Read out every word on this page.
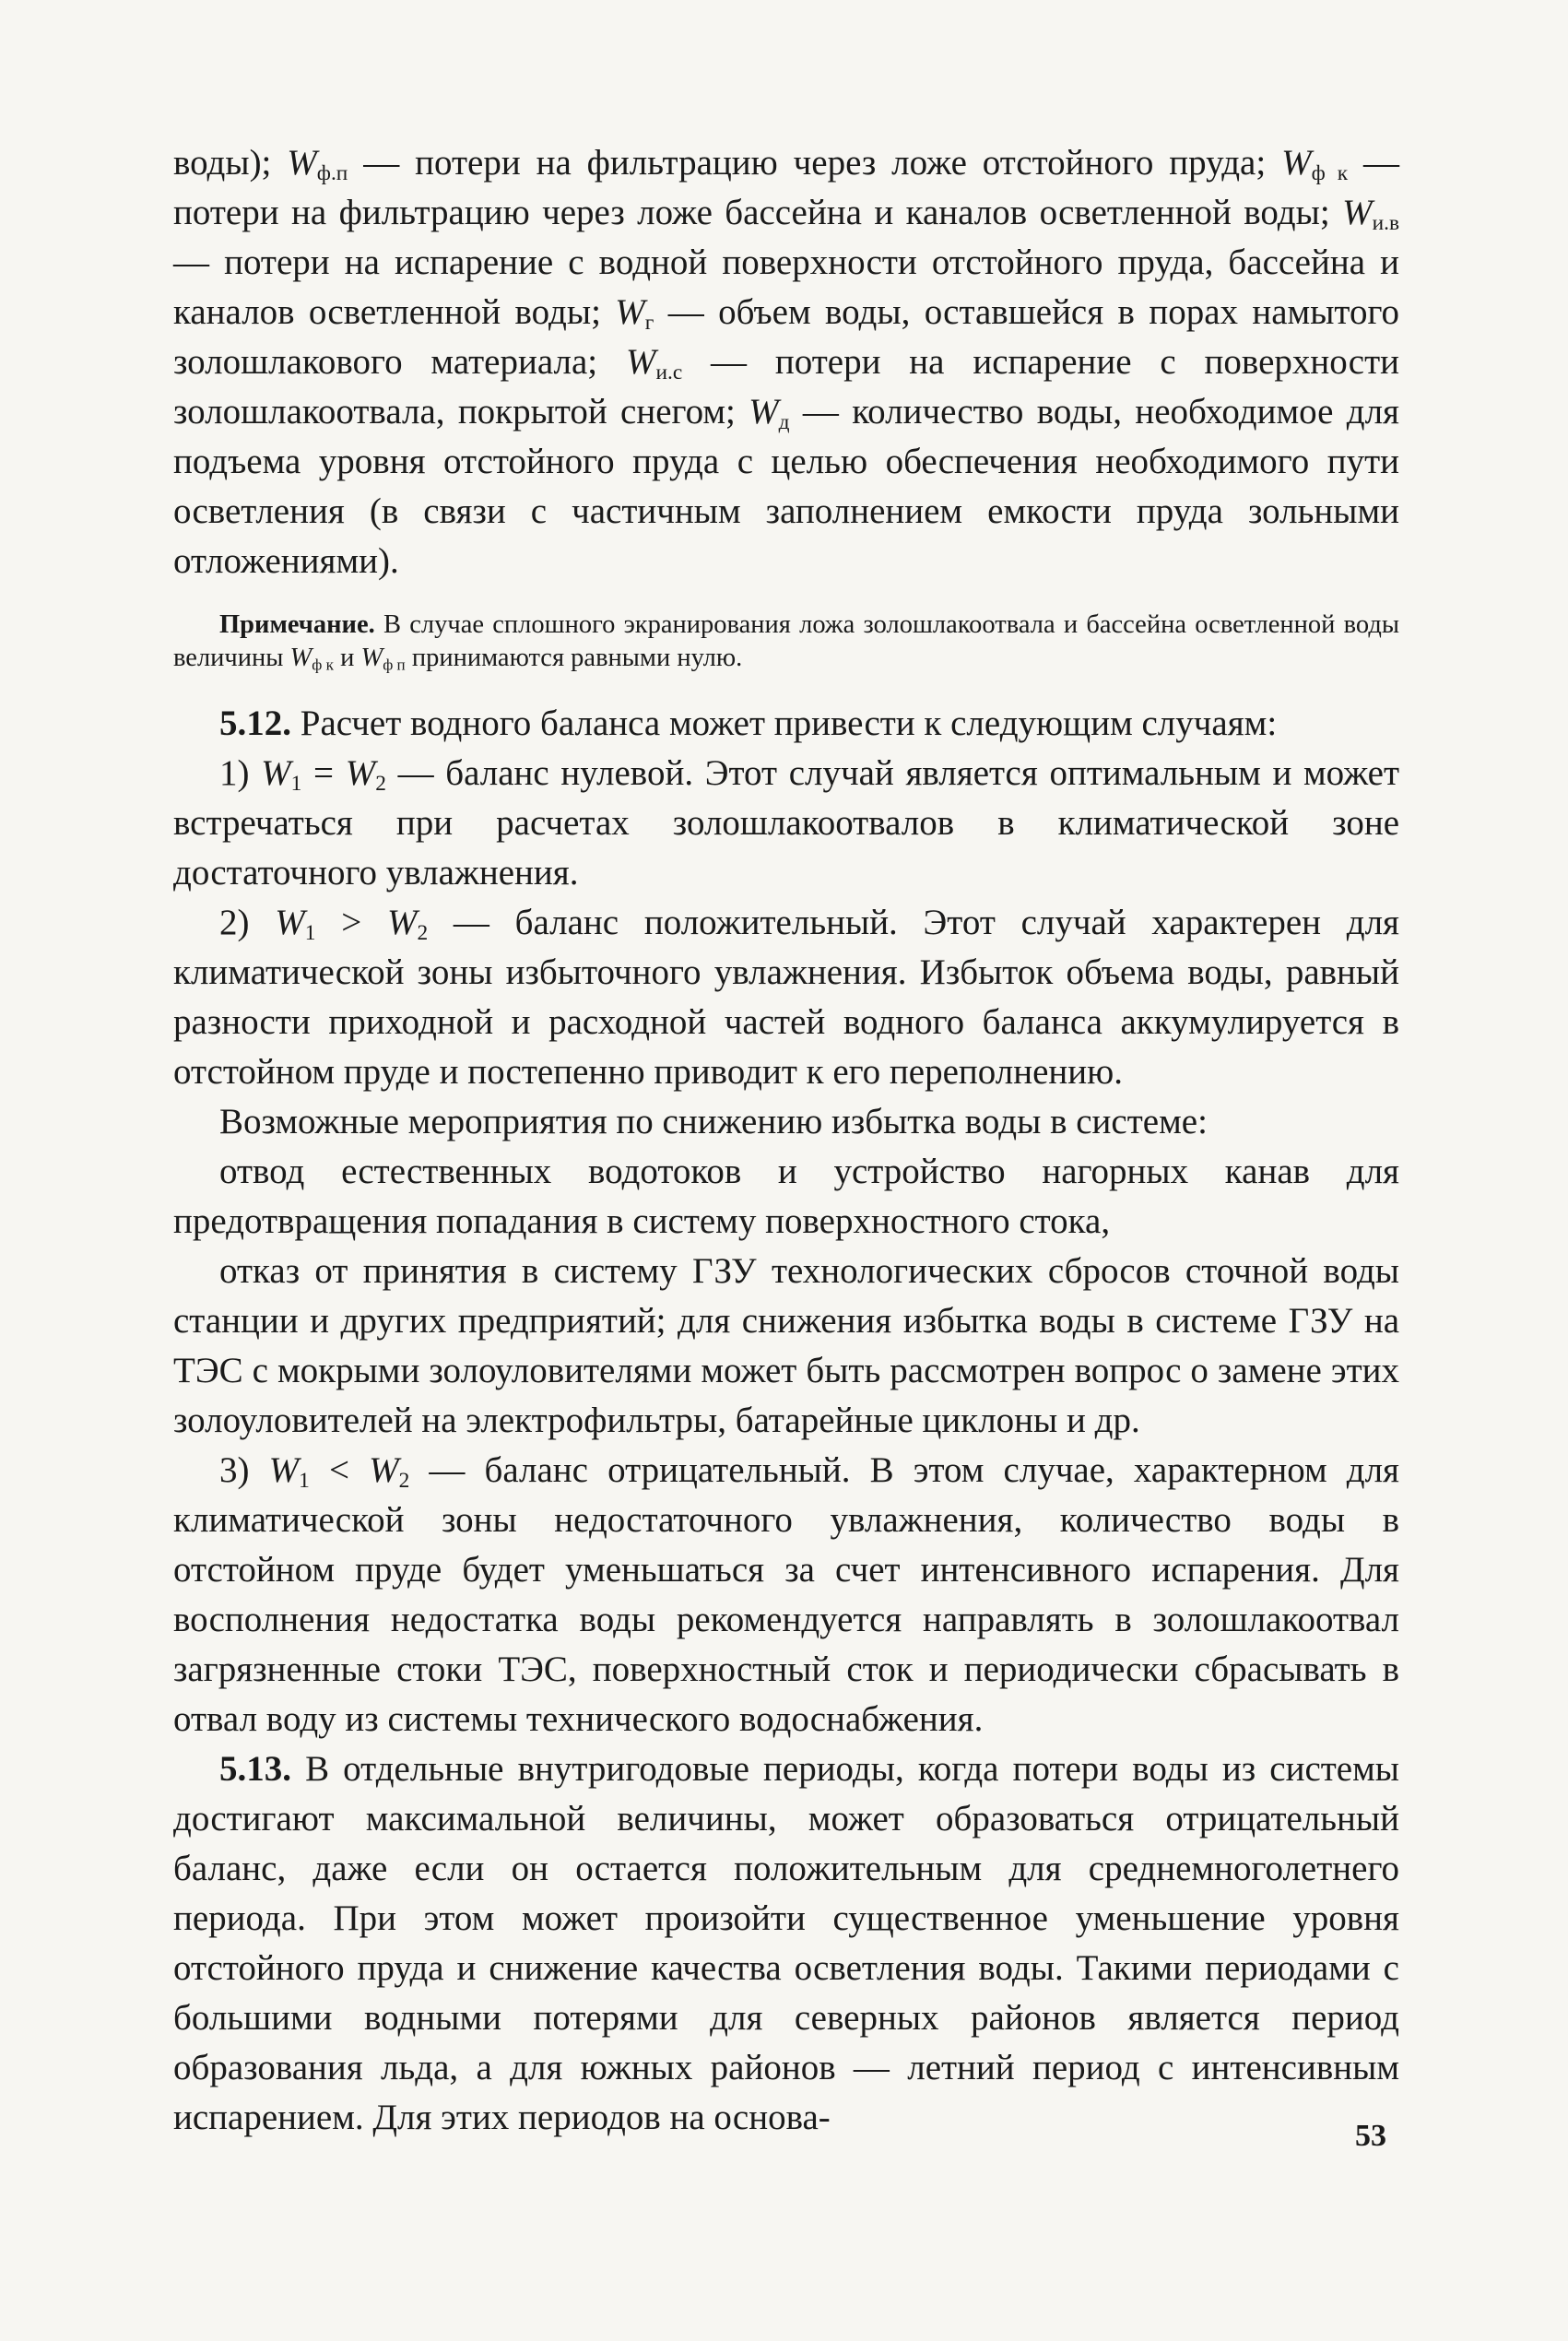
воды); $W_{ф.п}$ — потери на фильтрацию через ложе отстойного пруда; $W_{ф к}$ — потери на фильтрацию через ложе бассейна и каналов осветленной воды; $W_{и.в}$ — потери на испарение с водной поверхности отстойного пруда, бассейна и каналов осветленной воды; $W_г$ — объем воды, оставшейся в порах намытого золошлакового материала; $W_{и.с}$ — потери на испарение с поверхности золошлакоотвала, покрытой снегом; $W_д$ — количество воды, необходимое для подъема уровня отстойного пруда с целью обеспечения необходимого пути осветления (в связи с частичным заполнением емкости пруда зольными отложениями).

Примечание. В случае сплошного экранирования ложа золошлакоотвала и бассейна осветленной воды величины $W_{ф к}$ и $W_{ф п}$ принимаются равными нулю.

5.12. Расчет водного баланса может привести к следующим случаям:

1) $W_1 = W_2$ — баланс нулевой. Этот случай является оптимальным и может встречаться при расчетах золошлакоотвалов в климатической зоне достаточного увлажнения.

2) $W_1 > W_2$ — баланс положительный. Этот случай характерен для климатической зоны избыточного увлажнения. Избыток объема воды, равный разности приходной и расходной частей водного баланса аккумулируется в отстойном пруде и постепенно приводит к его переполнению.

Возможные мероприятия по снижению избытка воды в системе:

отвод естественных водотоков и устройство нагорных канав для предотвращения попадания в систему поверхностного стока,

отказ от принятия в систему ГЗУ технологических сбросов сточной воды станции и других предприятий; для снижения избытка воды в системе ГЗУ на ТЭС с мокрыми золоуловителями может быть рассмотрен вопрос о замене этих золоуловителей на электрофильтры, батарейные циклоны и др.

3) $W_1 < W_2$ — баланс отрицательный. В этом случае, характерном для климатической зоны недостаточного увлажнения, количество воды в отстойном пруде будет уменьшаться за счет интенсивного испарения. Для восполнения недостатка воды рекомендуется направлять в золошлакоотвал загрязненные стоки ТЭС, поверхностный сток и периодически сбрасывать в отвал воду из системы технического водоснабжения.

5.13. В отдельные внутригодовые периоды, когда потери воды из системы достигают максимальной величины, может образоваться отрицательный баланс, даже если он остается положительным для среднемноголетнего периода. При этом может произойти существенное уменьшение уровня отстойного пруда и снижение качества осветления воды. Такими периодами с большими водными потерями для северных районов является период образования льда, а для южных районов — летний период с интенсивным испарением. Для этих периодов на основа-	53
